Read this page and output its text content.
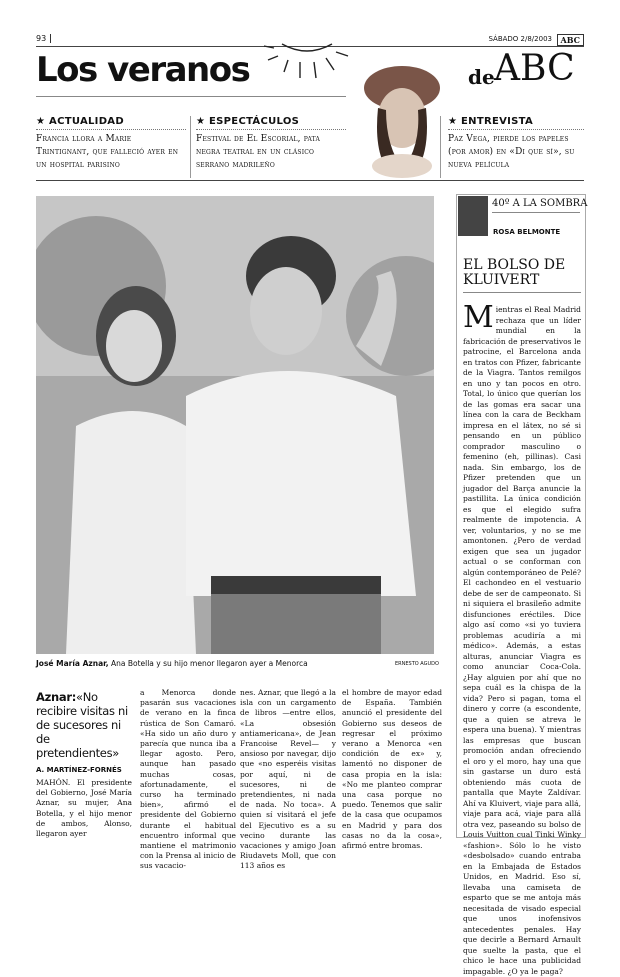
93	SÁBADO 2/8/2003	ABC
Los veranos	de ABC
★ ACTUALIDAD
Francia llora a Marie Trintignant, que falleció ayer en un hospital parisino
★ ESPECTÁCULOS
Festival de El Escorial, pata negra teatral en un clásico serrano madrileño
★ ENTREVISTA
Paz Vega, pierde los papeles (por amor) en «Di que sí», su nueva película
José María Aznar, Ana Botella y su hijo menor llegaron ayer a Menorca	ERNESTO AGUDO
40º A LA SOMBRA
ROSA BELMONTE
EL BOLSO DE KLUIVERT
Mientras el Real Madrid rechaza que un líder mundial en la fabricación de preservativos le patrocine, el Barcelona anda en tratos con Pfizer, fabricante de la Viagra. Tantos remilgos en uno y tan pocos en otro. Total, lo único que querían los de las gomas era sacar una línea con la cara de Beckham impresa en el látex, no sé si pensando en un público comprador masculino o femenino (eh, pillinas). Casi nada. Sin embargo, los de Pfizer pretenden que un jugador del Barça anuncie la pastillita. La única condición es que el elegido sufra realmente de impotencia. A ver, voluntarios, y no se me amontonen. ¿Pero de verdad exigen que sea un jugador actual o se conforman con algún contemporáneo de Pelé? El cachondeo en el vestuario debe de ser de campeonato. Si ni siquiera el brasileño admite disfunciones eréctiles. Dice algo así como «si yo tuviera problemas acudiría a mi médico». Además, a estas alturas, anunciar Viagra es como anunciar Coca-Cola. ¿Hay alguien por ahí que no sepa cuál es la chispa de la vida? Pero si pagan, toma el dinero y corre (a escondente, que a quien se atreva le espera una buena). Y mientras las empresas que buscan promoción andan ofreciendo el oro y el moro, hay una que sin gastarse un duro está obteniendo más cuota de pantalla que Mayte Zaldívar. Ahí va Kluivert, viaje para allá, viaje para acá, viaje para allá otra vez, paseando su bolso de Louis Vuitton cual Tinki Winky «fashion». Sólo lo he visto «desbolsado» cuando entraba en la Embajada de Estados Unidos, en Madrid. Eso sí, llevaba una camiseta de esparto que se me antoja más necesitada de visado especial que unos inofensivos antecedentes penales. Hay que decirle a Bernard Arnault que suelte la pasta, que el chico le hace una publicidad impagable. ¿O ya le paga?
Aznar:«No recibire visitas ni de sucesores ni de pretendientes»
A. MARTÍNEZ-FORNÉS
MAHÓN. El presidente del Gobierno, José María Aznar, su mujer, Ana Botella, y el hijo menor de ambos, Alonso, llegaron ayer
a Menorca donde pasarán sus vacaciones de verano en la finca rústica de Son Camaró. «Ha sido un año duro y parecía que nunca iba a llegar agosto. Pero, aunque han pasado muchas cosas, afortunadamente, el curso ha terminado bien», afirmó el presidente del Gobierno durante el habitual encuentro informal que mantiene el matrimonio con la Prensa al inicio de sus vacacio-
nes. Aznar, que llegó a la isla con un cargamento de libros —entre ellos, «La obsesión antiamericana», de Jean Francoise Revel— y ansioso por navegar, dijo que «no esperéis visitas por aquí, ni de sucesores, ni de pretendientes, ni nada de nada. No toca». A quien sí visitará el jefe del Ejecutivo es a su vecino durante las vacaciones y amigo Joan Riudavets Moll, que con 113 años es
el hombre de mayor edad de España. También anunció el presidente del Gobierno sus deseos de regresar el próximo verano a Menorca «en condición de ex» y, lamentó no disponer de casa propia en la isla: «No me planteo comprar una casa porque no puedo. Tenemos que salir de la casa que ocupamos en Madrid y para dos casas no da la cosa», afirmó entre bromas.
